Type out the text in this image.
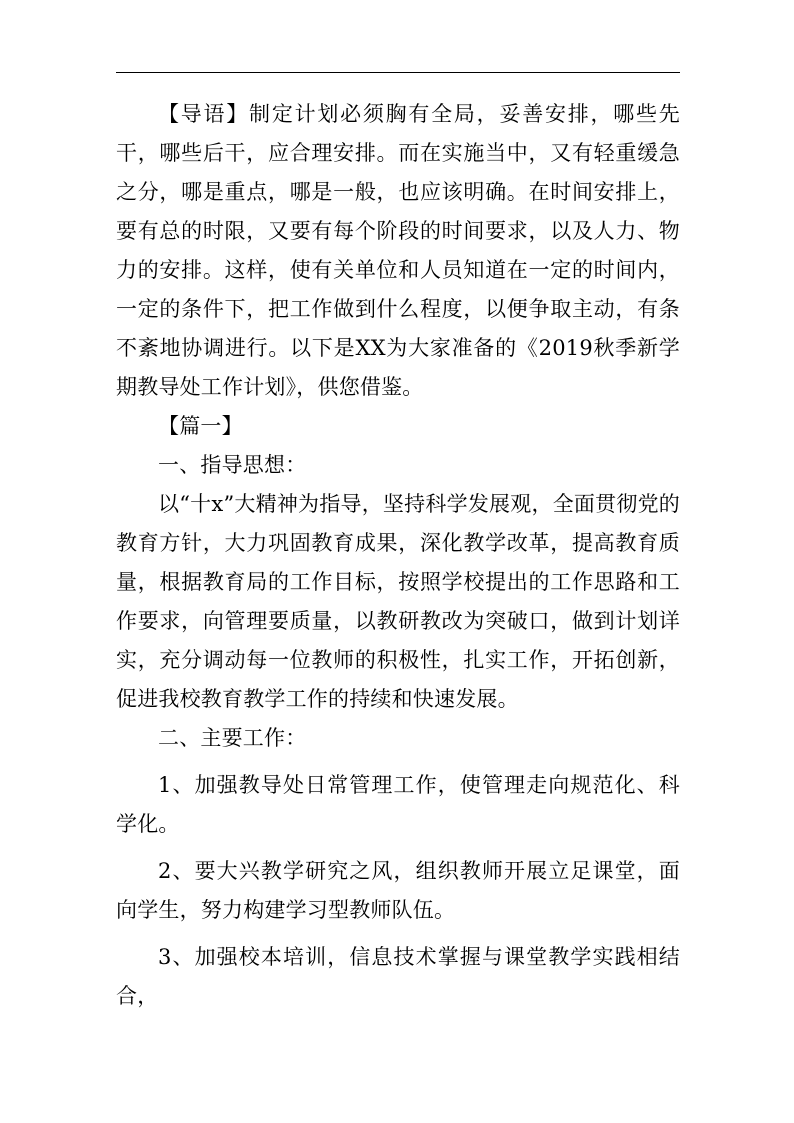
【导语】制定计划必须胸有全局，妥善安排，哪些先干，哪些后干，应合理安排。而在实施当中，又有轻重缓急之分，哪是重点，哪是一般，也应该明确。在时间安排上，要有总的时限，又要有每个阶段的时间要求，以及人力、物力的安排。这样，使有关单位和人员知道在一定的时间内，一定的条件下，把工作做到什么程度，以便争取主动，有条不紊地协调进行。以下是XX为大家准备的《2019秋季新学期教导处工作计划》，供您借鉴。

【篇一】

一、指导思想：

以“十x”大精神为指导，坚持科学发展观，全面贯彻党的教育方针，大力巩固教育成果，深化教学改革，提高教育质量，根据教育局的工作目标，按照学校提出的工作思路和工作要求，向管理要质量，以教研教改为突破口，做到计划详实，充分调动每一位教师的积极性，扎实工作，开拓创新，促进我校教育教学工作的持续和快速发展。

二、主要工作：

1、加强教导处日常管理工作，使管理走向规范化、科学化。

2、要大兴教学研究之风，组织教师开展立足课堂，面向学生，努力构建学习型教师队伍。

3、加强校本培训，信息技术掌握与课堂教学实践相结合，
